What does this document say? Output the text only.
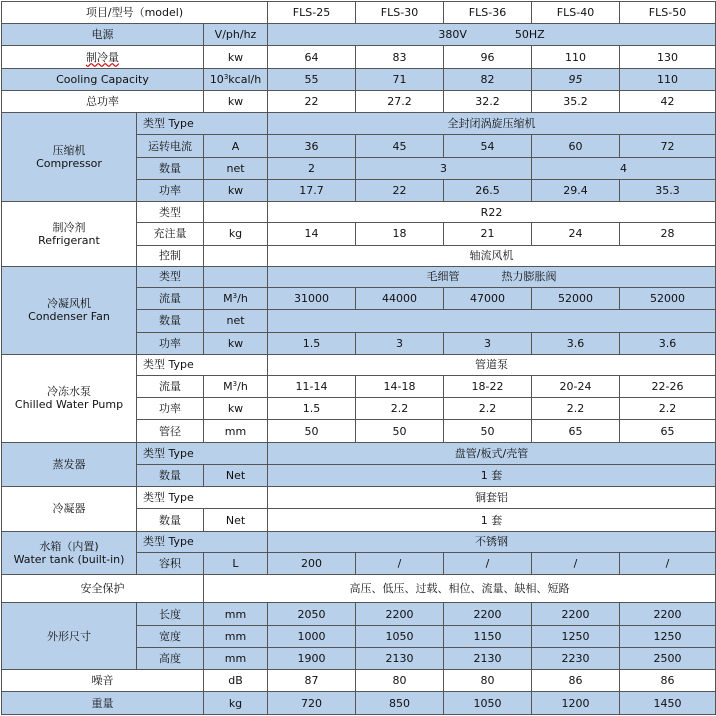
项目/型号（model)			FLS-25	FLS-30	FLS-36	FLS-40	FLS-50
电源		V/ph/hz	380V 50HZ				
制冷量		kw	64	83	96	110	130
Cooling Capacity		$10^3kcal/h$	55	71	82	95	110
总功率		kw	22	27.2	32.2	35.2	42

压缩机
Compressor	类型 Type		全封闭涡旋压缩机				
	运转电流	A	36	45	54	60	72
	数量	net	2	3		4	
	功率	kw	17.7	22	26.5	29.4	35.3

制冷剂
Refrigerant	类型		R22				
	充注量	kg	14	18	21	24	28
	控制		轴流风机				

冷凝风机
Condenser Fan	类型		毛细管 热力膨胀阀				
	流量	$M^3/h$	31000	44000	47000	52000	52000
	数量	net					
	功率	kw	1.5	3	3	3.6	3.6

冷冻水泵
Chilled Water Pump	类型 Type		管道泵				
	流量	$M^3/h$	11-14	14-18	18-22	20-24	22-26
	功率	kw	1.5	2.2	2.2	2.2	2.2
	管径	mm	50	50	50	65	65
蒸发器	类型 Type		盘管/板式/壳管				
	数量	Net	1 套				
冷凝器	类型 Type		铜套铝				
	数量	Net	1 套				

水箱（内置)
Water tank (built-in)	类型 Type		不锈钢				
	容积	L	200	/	/	/	/
安全保护		高压、低压、过载、相位、流量、缺相、短路					
外形尺寸	长度	mm	2050	2200	2200	2200	2200
	宽度	mm	1000	1050	1150	1250	1250
	高度	mm	1900	2130	2130	2230	2500
噪音		dB	87	80	80	86	86
重量		kg	720	850	1050	1200	1450
